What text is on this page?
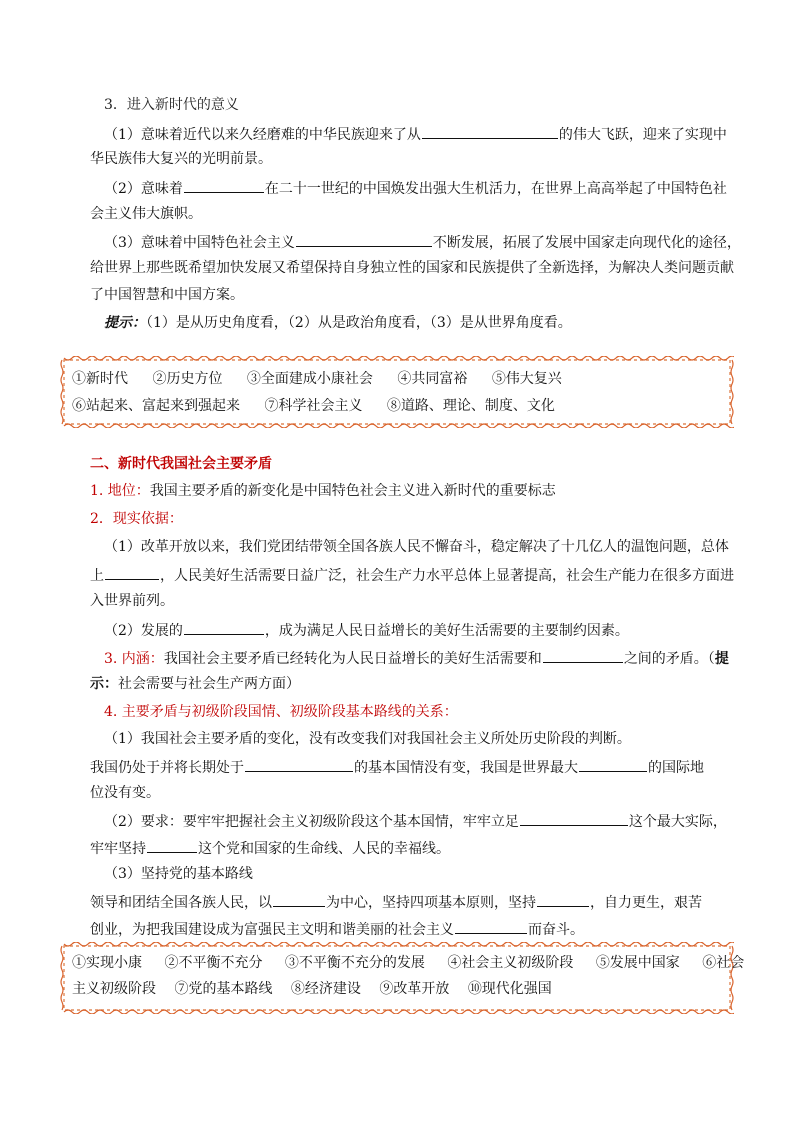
3．进入新时代的意义
（1）意味着近代以来久经磨难的中华民族迎来了从	的伟大飞跃，迎来了实现中
华民族伟大复兴的光明前景。
（2）意味着	在二十一世纪的中国焕发出强大生机活力，在世界上高高举起了中国特色社
会主义伟大旗帜。
（3）意味着中国特色社会主义	不断发展，拓展了发展中国家走向现代化的途径，
给世界上那些既希望加快发展又希望保持自身独立性的国家和民族提供了全新选择，为解决人类问题贡献
了中国智慧和中国方案。
提示：（1）是从历史角度看，（2）从是政治角度看，（3）是从世界角度看。
①新时代 ②历史方位 ③全面建成小康社会 ④共同富裕 ⑤伟大复兴
⑥站起来、富起来到强起来 ⑦科学社会主义 ⑧道路、理论、制度、文化
二、新时代我国社会主要矛盾
1. 地位：我国主要矛盾的新变化是中国特色社会主义进入新时代的重要标志
2．现实依据：
（1）改革开放以来，我们党团结带领全国各族人民不懈奋斗，稳定解决了十几亿人的温饱问题，总体
上	，人民美好生活需要日益广泛，社会生产力水平总体上显著提高，社会生产能力在很多方面进
入世界前列。
（2）发展的	，成为满足人民日益增长的美好生活需要的主要制约因素。
3. 内涵：我国社会主要矛盾已经转化为人民日益增长的美好生活需要和	之间的矛盾。（提
示：社会需要与社会生产两方面）
4. 主要矛盾与初级阶段国情、初级阶段基本路线的关系：
（1）我国社会主要矛盾的变化，没有改变我们对我国社会主义所处历史阶段的判断。
我国仍处于并将长期处于	的基本国情没有变，我国是世界最大	的国际地
位没有变。
（2）要求：要牢牢把握社会主义初级阶段这个基本国情，牢牢立足	这个最大实际，
牢牢坚持	这个党和国家的生命线、人民的幸福线。
（3）坚持党的基本路线
领导和团结全国各族人民，以	为中心，坚持四项基本原则，坚持	，自力更生，艰苦
创业，为把我国建设成为富强民主文明和谐美丽的社会主义	而奋斗。
①实现小康 ②不平衡不充分 ③不平衡不充分的发展 ④社会主义初级阶段 ⑤发展中国家 ⑥社会
主义初级阶段 ⑦党的基本路线 ⑧经济建设 ⑨改革开放 ⑩现代化强国
